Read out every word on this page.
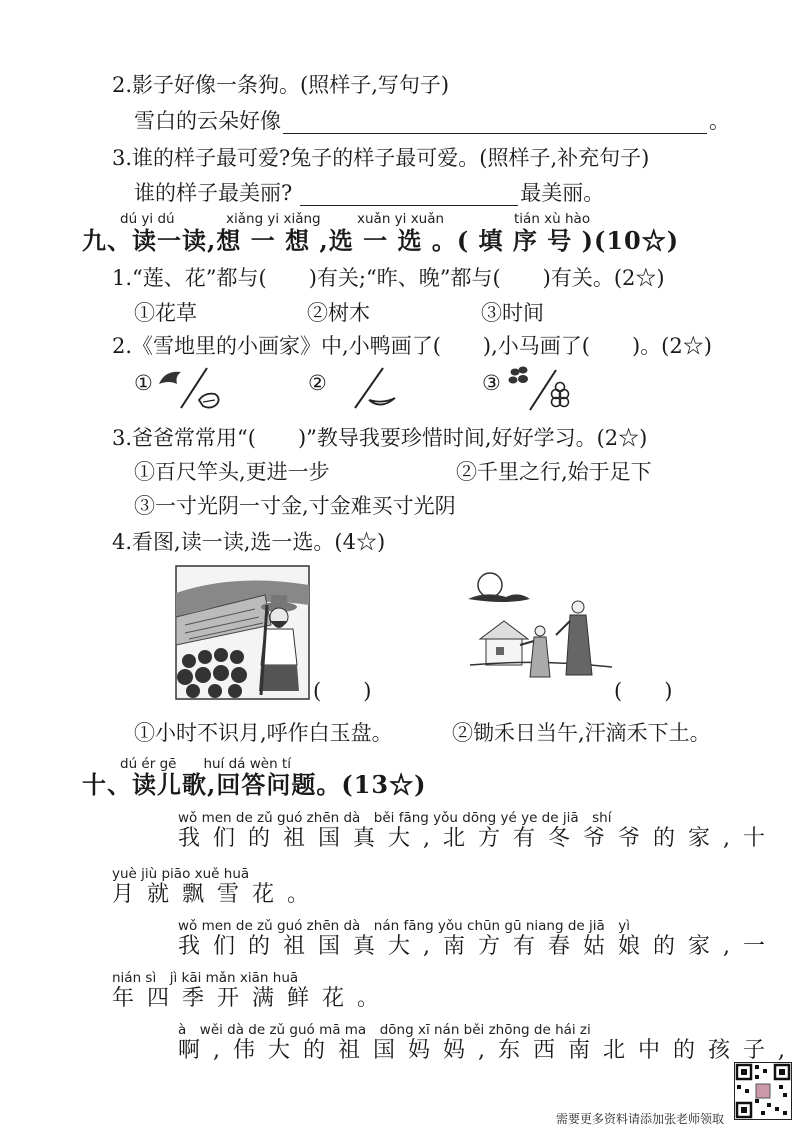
2.影子好像一条狗。(照样子,写句子)
雪白的云朵好像	。
3.谁的样子最可爱?兔子的样子最可爱。(照样子,补充句子)
谁的样子最美丽?	最美丽。
dú yi dú	xiǎng yi xiǎng	xuǎn yi xuǎn	tián xù hào
九、读一读,想 一 想 ,选 一 选 。( 填 序 号 )(10☆)
1.“莲、花”都与(　　)有关;“昨、晚”都与(　　)有关。(2☆)
①花草	②树木	③时间
2.《雪地里的小画家》中,小鸭画了(　　),小马画了(　　)。(2☆)
①	②	③
3.爸爸常常用“(　　)”教导我要珍惜时间,好好学习。(2☆)
①百尺竿头,更进一步	②千里之行,始于足下
③一寸光阴一寸金,寸金难买寸光阴
4.看图,读一读,选一选。(4☆)
(　　)	(　　)
①小时不识月,呼作白玉盘。	②锄禾日当午,汗滴禾下土。
dú ér gē　　huí dá wèn tí
十、读儿歌,回答问题。(13☆)
wǒ men de zǔ guó zhēn dà　běi fāng yǒu dōng yé ye de jiā　shí
我们的祖国真大,北方有冬爷爷的家,十
yuè jiù piāo xuě huā
月就飘雪花。
wǒ men de zǔ guó zhēn dà　nán fāng yǒu chūn gū niang de jiā　yì
我们的祖国真大,南方有春姑娘的家,一
nián sì　jì kāi mǎn xiān huā
年四季开满鲜花。
à　wěi dà de zǔ guó mā ma　dōng xī nán běi zhōng de hái zi
啊,伟大的祖国妈妈,东西南北中的孩子,
需要更多资料请添加张老师领取
